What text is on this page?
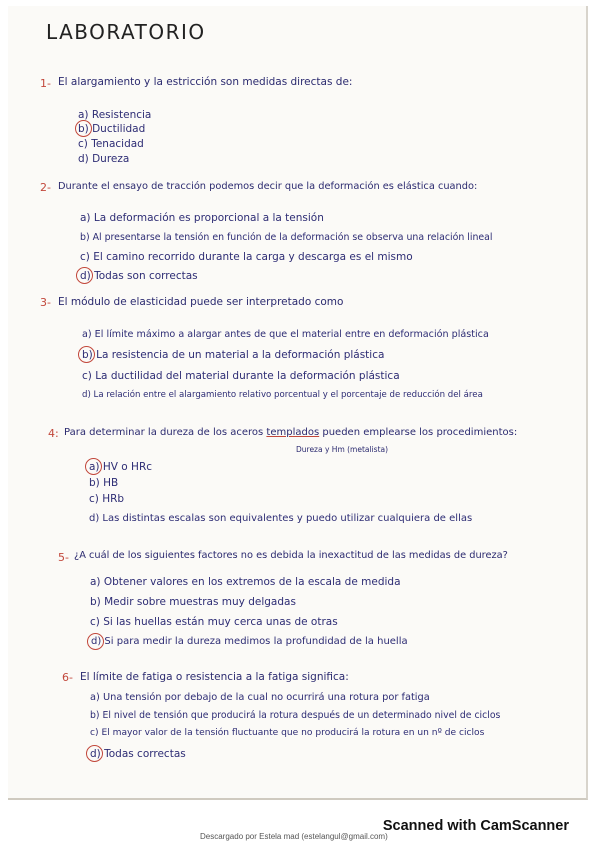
LABORATORIO
1- El alargamiento y la estricción son medidas directas de:
a) Resistencia
b) Ductilidad
c) Tenacidad
d) Dureza
2- Durante el ensayo de tracción podemos decir que la deformación es elástica cuando:
a) La deformación es proporcional a la tensión
b) Al presentarse la tensión en función de la deformación se observa una relación lineal
c) El camino recorrido durante la carga y descarga es el mismo
d) Todas son correctas
3- El módulo de elasticidad puede ser interpretado como
a) El límite máximo a alargar antes de que el material entre en deformación plástica
b) La resistencia de un material a la deformación plástica
c) La ductilidad del material durante la deformación plástica
d) La relación entre el alargamiento relativo porcentual y el porcentaje de reducción del área
4: Para determinar la dureza de los aceros templados pueden emplearse los procedimientos:
Dureza y Hm (metalista)
a) HV o HRc
b) HB
c) HRb
d) Las distintas escalas son equivalentes y puedo utilizar cualquiera de ellas
5- ¿A cuál de los siguientes factores no es debida la inexactitud de las medidas de dureza?
a) Obtener valores en los extremos de la escala de medida
b) Medir sobre muestras muy delgadas
c) Si las huellas están muy cerca unas de otras
d) Si para medir la dureza medimos la profundidad de la huella
6- El límite de fatiga o resistencia a la fatiga significa:
a) Una tensión por debajo de la cual no ocurrirá una rotura por fatiga
b) El nivel de tensión que producirá la rotura después de un determinado nivel de ciclos
c) El mayor valor de la tensión fluctuante que no producirá la rotura en un nº de ciclos
d) Todas correctas
Scanned with CamScanner
Descargado por Estela mad (estelangul@gmail.com)
